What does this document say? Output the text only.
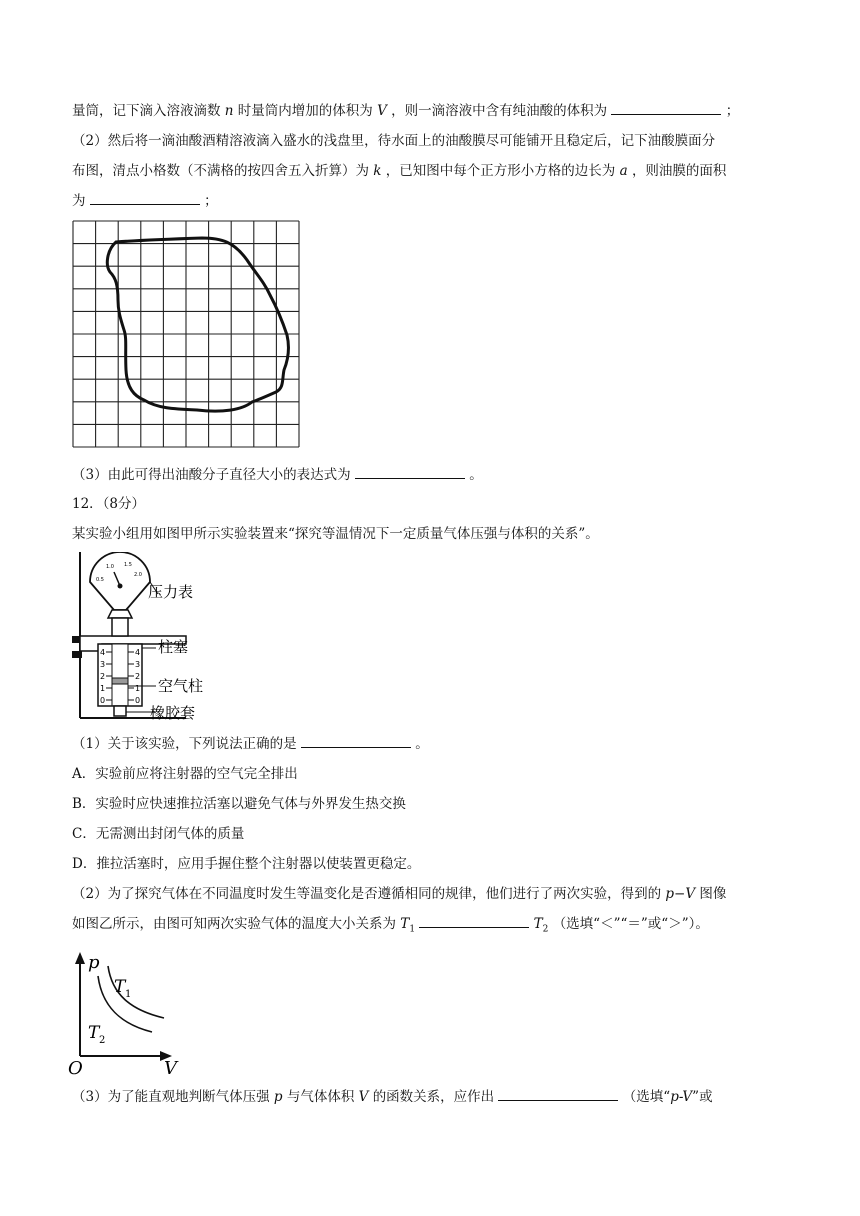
量筒，记下滴入溶液滴数 n 时量筒内增加的体积为 V ，则一滴溶液中含有纯油酸的体积为	；
（2）然后将一滴油酸酒精溶液滴入盛水的浅盘里，待水面上的油酸膜尽可能铺开且稳定后，记下油酸膜面分
布图，清点小格数（不满格的按四舍五入折算）为 k ，已知图中每个正方形小方格的边长为 a ，则油膜的面积
为	；
（3）由此可得出油酸分子直径大小的表达式为	。
12．（8分）
某实验小组用如图甲所示实验装置来“探究等温情况下一定质量气体压强与体积的关系”。
0.5
1.0 1.5
2.0
4
3
2
1
0
4
3
2
1
0
压力表
柱塞
空气柱
橡胶套
（1）关于该实验，下列说法正确的是	。
A．实验前应将注射器的空气完全排出
B．实验时应快速推拉活塞以避免气体与外界发生热交换
C．无需测出封闭气体的质量
D．推拉活塞时，应用手握住整个注射器以使装置更稳定。
（2）为了探究气体在不同温度时发生等温变化是否遵循相同的规律，他们进行了两次实验，得到的 p−V 图像
如图乙所示，由图可知两次实验气体的温度大小关系为 $T_1$	$T_2$ （选填“＜”“＝”或“＞”）。
p
T 1
T 2
O	V
（3）为了能直观地判断气体压强 p 与气体体积 V 的函数关系，应作出	（选填“p-V”或
